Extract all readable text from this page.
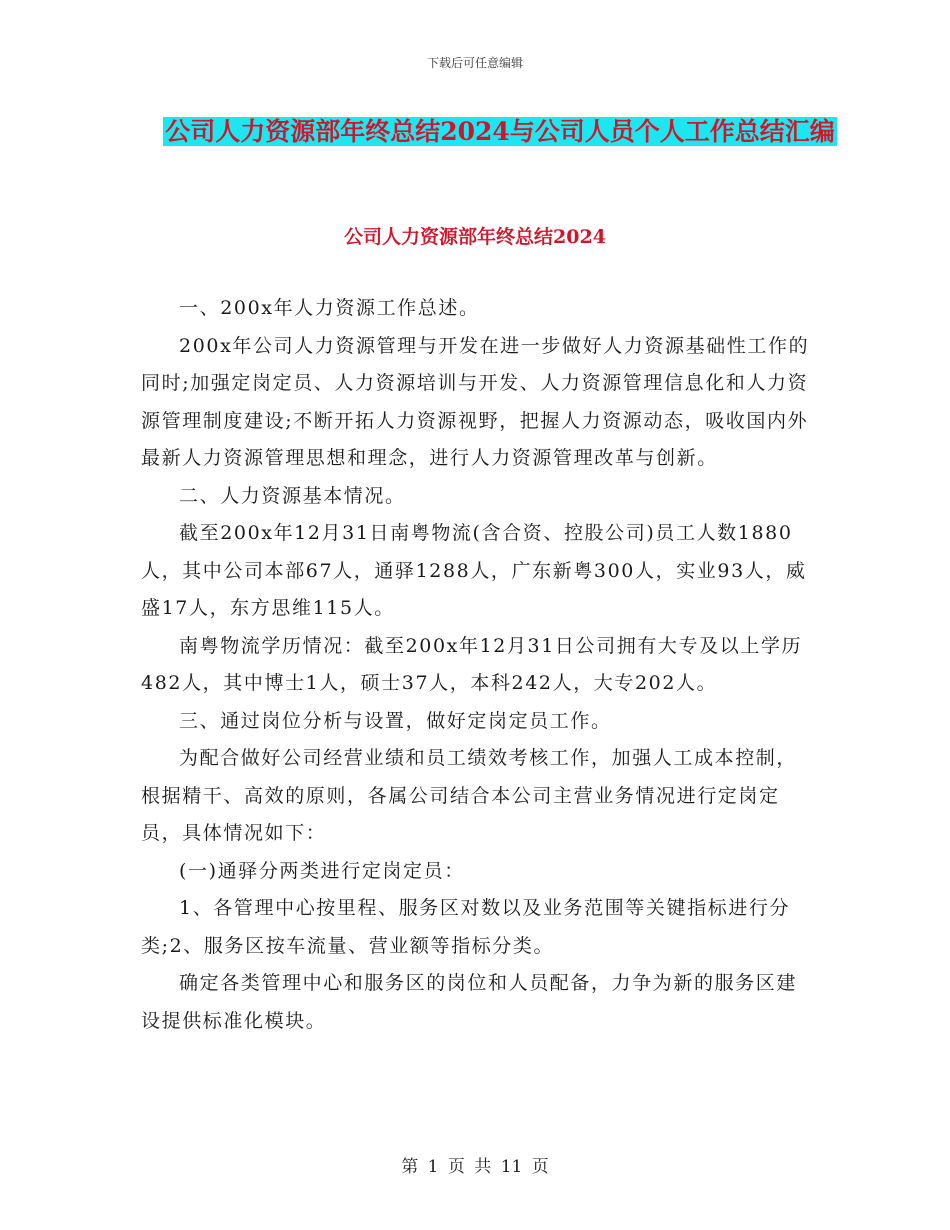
下载后可任意编辑
公司人力资源部年终总结2024与公司人员个人工作总结汇编
公司人力资源部年终总结2024

一、200x年人力资源工作总述。

200x年公司人力资源管理与开发在进一步做好人力资源基础性工作的同时;加强定岗定员、人力资源培训与开发、人力资源管理信息化和人力资源管理制度建设;不断开拓人力资源视野，把握人力资源动态，吸收国内外最新人力资源管理思想和理念，进行人力资源管理改革与创新。

二、人力资源基本情况。

截至200x年12月31日南粤物流(含合资、控股公司)员工人数1880人，其中公司本部67人，通驿1288人，广东新粤300人，实业93人，威盛17人，东方思维115人。

南粤物流学历情况：截至200x年12月31日公司拥有大专及以上学历482人，其中博士1人，硕士37人，本科242人，大专202人。

三、通过岗位分析与设置，做好定岗定员工作。

为配合做好公司经营业绩和员工绩效考核工作，加强人工成本控制，根据精干、高效的原则，各属公司结合本公司主营业务情况进行定岗定员，具体情况如下：

(一)通驿分两类进行定岗定员：

1、各管理中心按里程、服务区对数以及业务范围等关键指标进行分类;2、服务区按车流量、营业额等指标分类。

确定各类管理中心和服务区的岗位和人员配备，力争为新的服务区建设提供标准化模块。

第 1 页 共 11 页
